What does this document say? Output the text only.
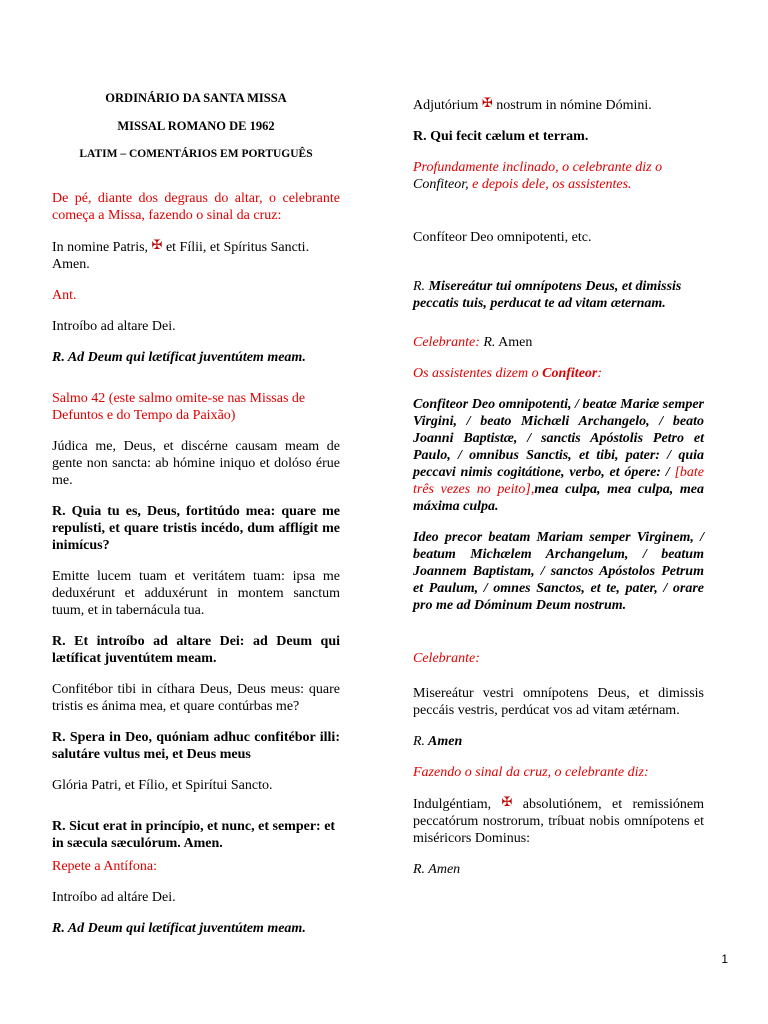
ORDINÁRIO DA SANTA MISSA
MISSAL ROMANO DE 1962
LATIM – COMENTÁRIOS EM PORTUGUÊS

De pé, diante dos degraus do altar, o celebrante começa a Missa, fazendo o sinal da cruz:

In nomine Patris, ✠ et Fílii, et Spíritus Sancti. Amen.

Ant.

Introíbo ad altare Dei.

R. Ad Deum qui lætíficat juventútem meam.

Salmo 42 (este salmo omite-se nas Missas de Defuntos e do Tempo da Paixão)

Júdica me, Deus, et discérne causam meam de gente non sancta: ab hómine iniquo et dolóso érue me.

R. Quia tu es, Deus, fortitúdo mea: quare me repulísti, et quare tristis incédo, dum afflígit me inimícus?

Emitte lucem tuam et veritátem tuam: ipsa me deduxérunt et adduxérunt in montem sanctum tuum, et in tabernácula tua.

R. Et introíbo ad altare Dei: ad Deum qui lætíficat juventútem meam.

Confitébor tibi in cíthara Deus, Deus meus: quare tristis es ánima mea, et quare contúrbas me?

R. Spera in Deo, quóniam adhuc confitébor illi: salutáre vultus mei, et Deus meus

Glória Patri, et Fílio, et Spirítui Sancto.

R. Sicut erat in princípio, et nunc, et semper: et in sæcula sæculórum. Amen.

Repete a Antífona:

Introíbo ad altáre Dei.

R. Ad Deum qui lætíficat juventútem meam.

Adjutórium ✠ nostrum in nómine Dómini.

R. Qui fecit cælum et terram.

Profundamente inclinado, o celebrante diz o
Confiteor, e depois dele, os assistentes.

Confíteor Deo omnipotenti, etc.

R. Misereátur tui omnípotens Deus, et dimissis peccatis tuis, perducat te ad vitam æternam.

Celebrante: R. Amen

Os assistentes dizem o Confiteor:

Confiteor Deo omnipotenti, / beatæ Mariæ semper Virgini, / beato Michæli Archangelo, / beato Joanni Baptistæ, / sanctis Apóstolis Petro et Paulo, / omnibus Sanctis, et tibi, pater: / quia peccavi nimis cogitátione, verbo, et ópere: / [bate três vezes no peito],mea culpa, mea culpa, mea máxima culpa.

Ideo precor beatam Mariam semper Virginem, / beatum Michælem Archangelum, / beatum Joannem Baptistam, / sanctos Apóstolos Petrum et Paulum, / omnes Sanctos, et te, pater, / orare pro me ad Dóminum Deum nostrum.

Celebrante:

Misereátur vestri omnípotens Deus, et dimissis peccáis vestris, perdúcat vos ad vitam ætérnam.

R. Amen

Fazendo o sinal da cruz, o celebrante diz:

Indulgéntiam, ✠ absolutiónem, et remissiónem peccatórum nostrorum, tríbuat nobis omnípotens et miséricors Dominus:

R. Amen

1
